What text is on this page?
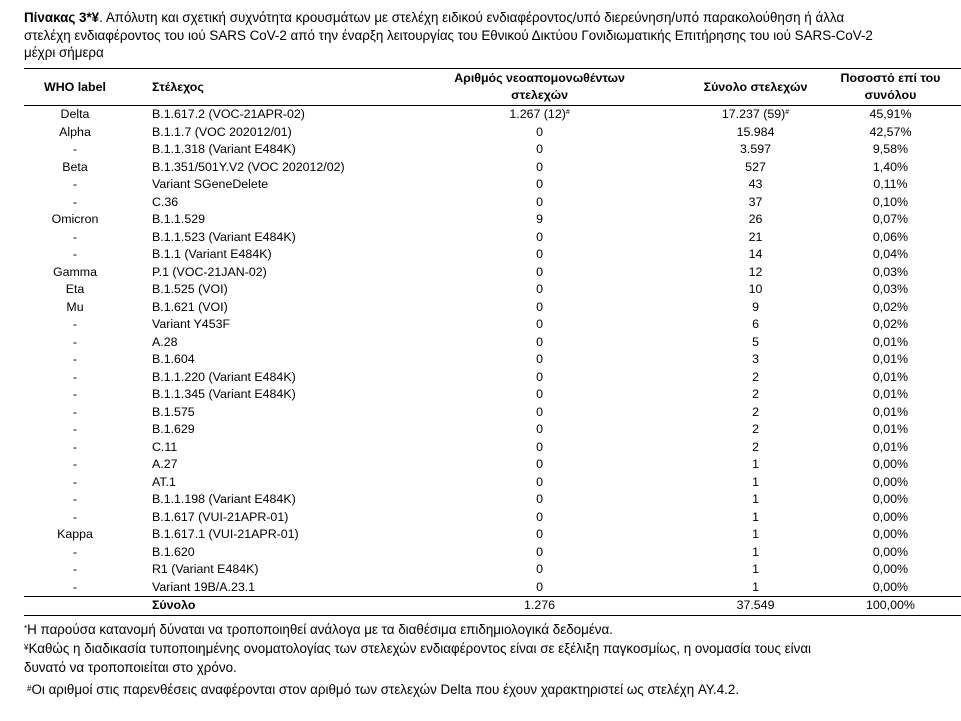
Πίνακας 3*¥. Απόλυτη και σχετική συχνότητα κρουσμάτων με στελέχη ειδικού ενδιαφέροντος/υπό διερεύνηση/υπό παρακολούθηση ή άλλα
στελέχη ενδιαφέροντος του ιού SARS CoV-2 από την έναρξη λειτουργίας του Εθνικού Δικτύου Γονιδιωματικής Επιτήρησης του ιού SARS-CoV-2
μέχρι σήμερα
WHO label	Στέλεχος	Αριθμός νεοαπομονωθέντων στελεχών	Σύνολο στελεχών	Ποσοστό επί του συνόλου
Delta	B.1.617.2 (VOC-21APR-02)	1.267 (12)#	17.237 (59)#	45,91%
Alpha	B.1.1.7 (VOC 202012/01)	0	15.984	42,57%
-	B.1.1.318 (Variant E484K)	0	3.597	9,58%
Beta	B.1.351/501Y.V2 (VOC 202012/02)	0	527	1,40%
-	Variant SGeneDelete	0	43	0,11%
-	C.36	0	37	0,10%
Omicron	B.1.1.529	9	26	0,07%
-	B.1.1.523 (Variant E484K)	0	21	0,06%
-	B.1.1 (Variant E484K)	0	14	0,04%
Gamma	P.1 (VOC-21JAN-02)	0	12	0,03%
Eta	B.1.525 (VOI)	0	10	0,03%
Mu	B.1.621 (VOI)	0	9	0,02%
-	Variant Y453F	0	6	0,02%
-	A.28	0	5	0,01%
-	B.1.604	0	3	0,01%
-	B.1.1.220 (Variant E484K)	0	2	0,01%
-	B.1.1.345 (Variant E484K)	0	2	0,01%
-	B.1.575	0	2	0,01%
-	B.1.629	0	2	0,01%
-	C.11	0	2	0,01%
-	A.27	0	1	0,00%
-	AT.1	0	1	0,00%
-	B.1.1.198 (Variant E484K)	0	1	0,00%
-	B.1.617 (VUI-21APR-01)	0	1	0,00%
Kappa	B.1.617.1 (VUI-21APR-01)	0	1	0,00%
-	B.1.620	0	1	0,00%
-	R1 (Variant E484K)	0	1	0,00%
-	Variant 19B/A.23.1	0	1	0,00%
	Σύνολο	1.276	37.549	100,00%
*Η παρούσα κατανομή δύναται να τροποποιηθεί ανάλογα με τα διαθέσιμα επιδημιολογικά δεδομένα.
¥Καθώς η διαδικασία τυποποιημένης ονοματολογίας των στελεχών ενδιαφέροντος είναι σε εξέλιξη παγκοσμίως, η ονομασία τους είναι
δυνατό να τροποποιείται στο χρόνο.
#Οι αριθμοί στις παρενθέσεις αναφέρονται στον αριθμό των στελεχών Delta που έχουν χαρακτηριστεί ως στελέχη AY.4.2.
